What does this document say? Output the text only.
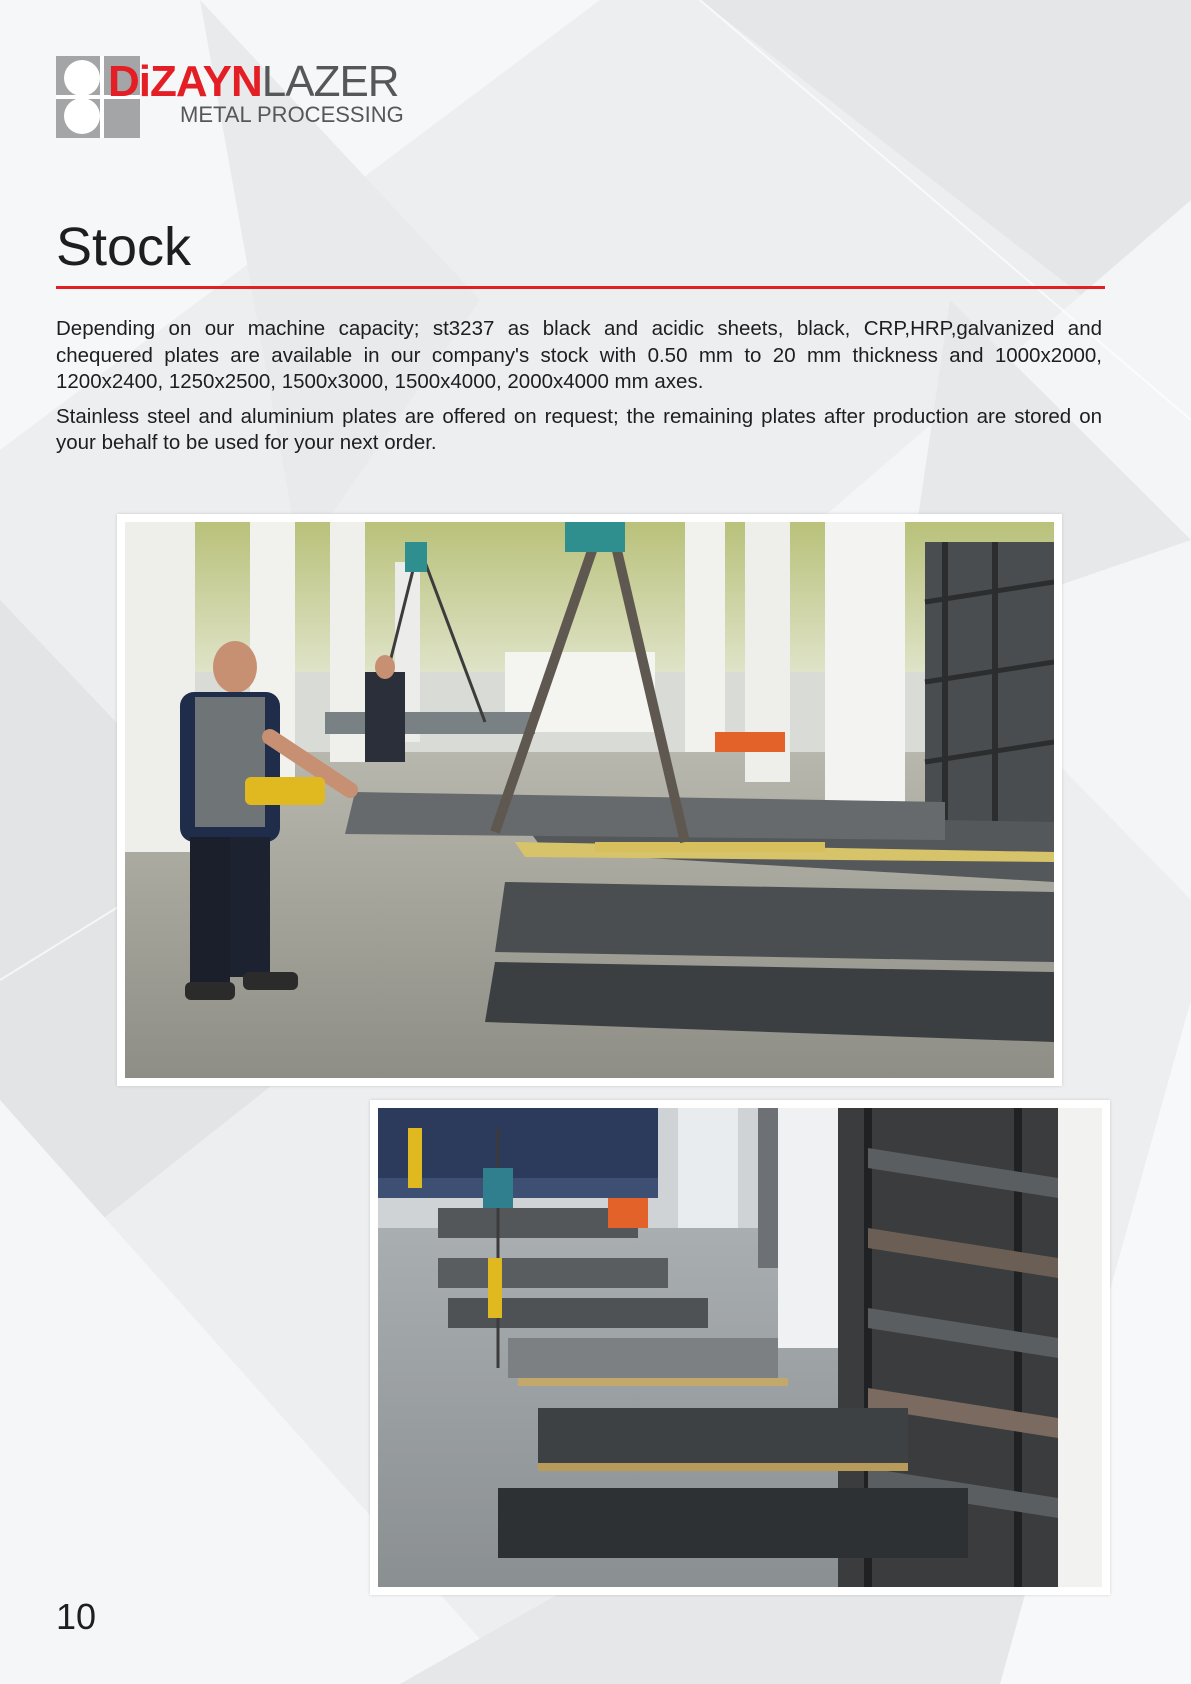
DiZAYNLAZER
METAL PROCESSING
Stock

Depending on our machine capacity; st3237 as black and acidic sheets, black, CRP,HRP,galvanized and chequered plates are available in our company's stock with 0.50 mm to 20 mm thickness and 1000x2000, 1200x2400, 1250x2500, 1500x3000, 1500x4000, 2000x4000 mm axes.

Stainless steel and aluminium plates are offered on request; the remaining plates after production are stored on your behalf to be used for your next order.

10
